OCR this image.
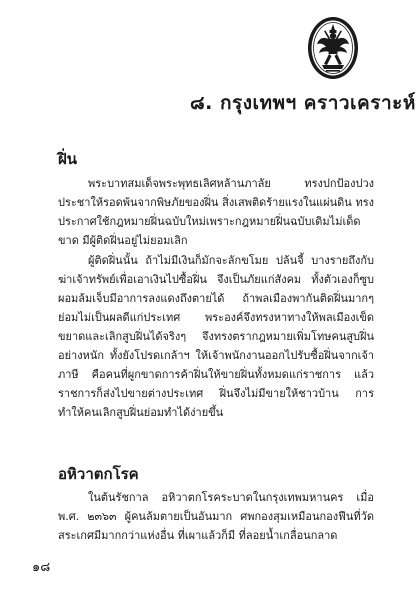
๘. กรุงเทพฯ คราวเคราะห์
ฝิ่น

พระบาทสมเด็จพระพุทธเลิศหล้านภาลัย ทรงปกป้องปวงประชาให้รอดพ้นจากพิษภัยของฝิ่น สิ่งเสพติดร้ายแรงในแผ่นดิน ทรงประกาศใช้กฎหมายฝิ่นฉบับใหม่เพราะกฎหมายฝิ่นฉบับเดิมไม่เด็ดขาด มีผู้ติดฝิ่นอยู่ไม่ยอมเลิก

ผู้ติดฝิ่นนั้น ถ้าไม่มีเงินก็มักจะลักขโมย ปล้นจี้ บางรายถึงกับฆ่าเจ้าทรัพย์เพื่อเอาเงินไปซื้อฝิ่น จึงเป็นภัยแก่สังคม ทั้งตัวเองก็ซูบผอมล้มเจ็บมีอาการลงแดงถึงตายได้ ถ้าพลเมืองพากันติดฝิ่นมากๆ ย่อมไม่เป็นผลดีแก่ประเทศ พระองค์จึงทรงหาทางให้พลเมืองเข็ดขยาดและเลิกสูบฝิ่นได้จริงๆ จึงทรงตรากฎหมายเพิ่มโทษคนสูบฝิ่นอย่างหนัก ทั้งยังโปรดเกล้าฯ ให้เจ้าพนักงานออกไปรับซื้อฝิ่นจากเจ้าภาษี คือคนที่ผูกขาดการค้าฝิ่นให้ขายฝิ่นทั้งหมดแก่ราชการ แล้วราชการก็ส่งไปขายต่างประเทศ ฝิ่นจึงไม่มีขายให้ชาวบ้าน การทำให้คนเลิกสูบฝิ่นย่อมทำได้ง่ายขึ้น

อหิวาตกโรค

ในต้นรัชกาล อหิวาตกโรคระบาดในกรุงเทพมหานคร เมื่อ พ.ศ. ๒๓๖๓ ผู้คนล้มตายเป็นอันมาก ศพกองสุมเหมือนกองฟืนที่วัดสระเกศมีมากกว่าแห่งอื่น ที่เผาแล้วก็มี ที่ลอยน้ำเกลื่อนกลาด

๑๘
